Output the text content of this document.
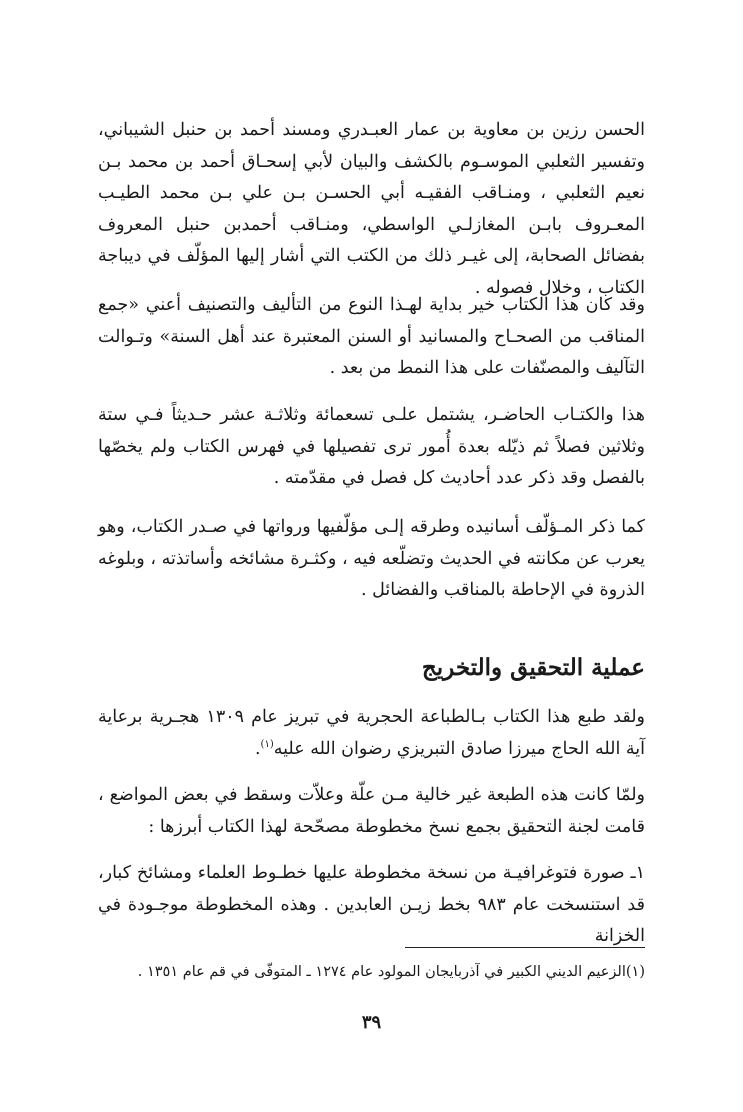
الحسن رزين بن معاوية بن عمار العبـدري ومسند أحمد بن حنبل الشيباني، وتفسير الثعلبي الموسـوم بالكشف والبيان لأبي إسحـاق أحمد بن محمد بـن نعيم الثعلبي ، ومنـاقب الفقيـه أبي الحسـن بـن علي بـن محمد الطيـب المعـروف بابـن المغازلـي الواسطي، ومنـاقب أحمدبن حنبل المعروف بفضائل الصحابة، إلى غيـر ذلك من الكتب التي أشار إليها المؤلّف في ديباجة الكتاب ، وخلال فصوله .

وقد كان هذا الكتاب خير بداية لهـذا النوع من التأليف والتصنيف أعني «جمع المناقب من الصحـاح والمسانيد أو السنن المعتبرة عند أهل السنة» وتـوالت التآليف والمصنّفات على هذا النمط من بعد .

هذا والكتـاب الحاضـر، يشتمل علـى تسعمائة وثلاثـة عشر حـديثاً فـي ستة وثلاثين فصلاً ثم ذيّله بعدة أُمور ترى تفصيلها في فهرس الكتاب ولم يخصّها بالفصل وقد ذكر عدد أحاديث كل فصل في مقدّمته .

كما ذكر المـؤلّف أسانيده وطرقه إلـى مؤلّفيها ورواتها في صـدر الكتاب، وهو يعرب عن مكانته في الحديث وتضلّعه فيه ، وكثـرة مشائخه وأساتذته ، وبلوغه الذروة في الإحاطة بالمناقب والفضائل .

عملية التحقيق والتخريج

ولقد طبع هذا الكتاب بـالطباعة الحجرية في تبريز عام ١٣٠٩ هجـرية برعاية آية الله الحاج ميرزا صادق التبريزي رضوان الله عليه$^{(١)}$.

ولمّا كانت هذه الطبعة غير خالية مـن علّة وعلاّت وسقط في بعض المواضع ، قامت لجنة التحقيق بجمع نسخ مخطوطة مصحّحة لهذا الكتاب أبرزها :

١ـ صورة فتوغرافيـة من نسخة مخطوطة عليها خطـوط العلماء ومشائخ كبار، قد استنسخت عام ٩٨٣ بخط زيـن العابدين . وهذه المخطوطة موجـودة في الخزانة

(١)الزعيم الديني الكبير في آذربايجان المولود عام ١٢٧٤ ـ المتوفّى في قم عام ١٣٥١ .

٣٩
